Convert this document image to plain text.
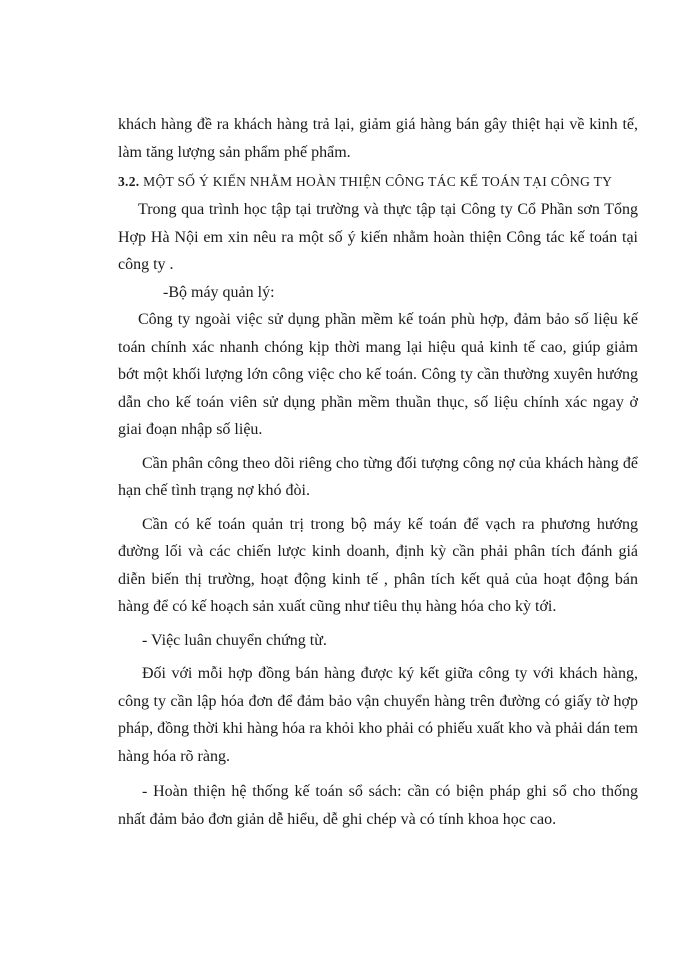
khách hàng đề ra khách hàng trả lại, giảm giá hàng bán gây thiệt hại về kinh tế, làm tăng lượng sản phẩm phế phẩm.

3.2. MỘT SỐ Ý KIẾN NHẰM HOÀN THIỆN CÔNG TÁC KẾ TOÁN TẠI CÔNG TY

Trong qua trình học tập tại trường và thực tập tại Công ty Cổ Phần sơn Tổng Hợp Hà Nội em xin nêu ra một số ý kiến nhằm hoàn thiện Công tác kế toán tại công ty .

-Bộ máy quản lý:

Công ty ngoài việc sử dụng phần mềm kế toán phù hợp, đảm bảo số liệu kế toán chính xác nhanh chóng kịp thời mang lại hiệu quả kinh tế cao, giúp giảm bớt một khối lượng lớn công việc cho kế toán. Công ty cần thường xuyên hướng dẫn cho kế toán viên sử dụng phần mềm thuần thục, số liệu chính xác ngay ở giai đoạn nhập số liệu.

Cần phân công theo dõi riêng cho từng đối tượng công nợ của khách hàng để hạn chế tình trạng nợ khó đòi.

Cần có kế toán quản trị trong bộ máy kế toán để vạch ra phương hướng đường lối và các chiến lược kinh doanh, định kỳ cần phải phân tích đánh giá diễn biến thị trường, hoạt động kinh tế , phân tích kết quả của hoạt động bán hàng để có kế hoạch sản xuất cũng như tiêu thụ hàng hóa cho kỳ tới.

- Việc luân chuyển chứng từ.

Đối với mỗi hợp đồng bán hàng được ký kết giữa công ty với khách hàng, công ty cần lập hóa đơn để đảm bảo vận chuyển hàng trên đường có giấy tờ hợp pháp, đồng thời khi hàng hóa ra khỏi kho phải có phiếu xuất kho và phải dán tem hàng hóa rõ ràng.

- Hoàn thiện hệ thống kế toán sổ sách: cần có biện pháp ghi sổ cho thống nhất đảm bảo đơn giản dễ hiểu, dễ ghi chép và có tính khoa học cao.
